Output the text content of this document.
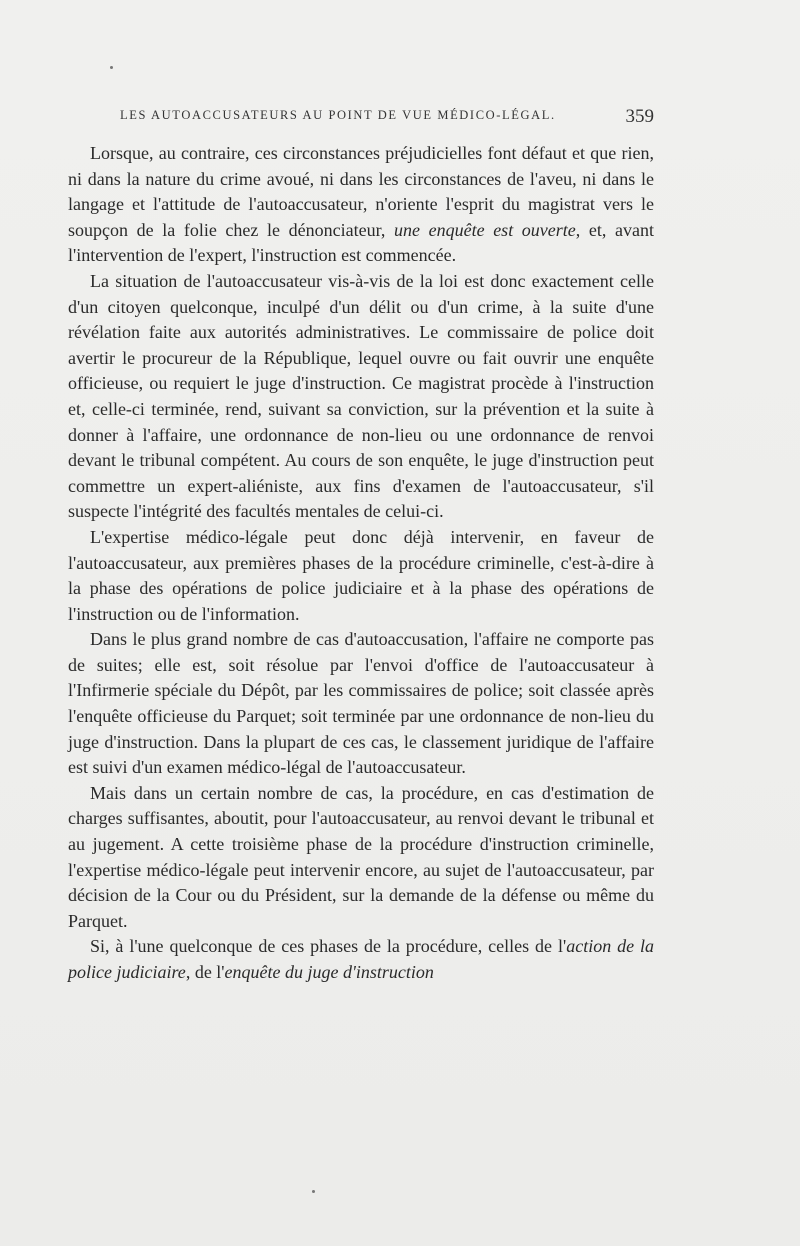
LES AUTOACCUSATEURS AU POINT DE VUE MÉDICO-LÉGAL.	359

Lorsque, au contraire, ces circonstances préjudicielles font défaut et que rien, ni dans la nature du crime avoué, ni dans les circonstances de l'aveu, ni dans le langage et l'attitude de l'autoaccusateur, n'oriente l'esprit du magistrat vers le soupçon de la folie chez le dénonciateur, une enquête est ouverte, et, avant l'intervention de l'expert, l'instruction est commencée.

La situation de l'autoaccusateur vis-à-vis de la loi est donc exactement celle d'un citoyen quelconque, inculpé d'un délit ou d'un crime, à la suite d'une révélation faite aux autorités administratives. Le commissaire de police doit avertir le procureur de la République, lequel ouvre ou fait ouvrir une enquête officieuse, ou requiert le juge d'instruction. Ce magistrat procède à l'instruction et, celle-ci terminée, rend, suivant sa conviction, sur la prévention et la suite à donner à l'affaire, une ordonnance de non-lieu ou une ordonnance de renvoi devant le tribunal compétent. Au cours de son enquête, le juge d'instruction peut commettre un expert-aliéniste, aux fins d'examen de l'autoaccusateur, s'il suspecte l'intégrité des facultés mentales de celui-ci.

L'expertise médico-légale peut donc déjà intervenir, en faveur de l'autoaccusateur, aux premières phases de la procédure criminelle, c'est-à-dire à la phase des opérations de police judiciaire et à la phase des opérations de l'instruction ou de l'information.

Dans le plus grand nombre de cas d'autoaccusation, l'affaire ne comporte pas de suites; elle est, soit résolue par l'envoi d'office de l'autoaccusateur à l'Infirmerie spéciale du Dépôt, par les commissaires de police; soit classée après l'enquête officieuse du Parquet; soit terminée par une ordonnance de non-lieu du juge d'instruction. Dans la plupart de ces cas, le classement juridique de l'affaire est suivi d'un examen médico-légal de l'autoaccusateur.

Mais dans un certain nombre de cas, la procédure, en cas d'estimation de charges suffisantes, aboutit, pour l'autoaccusateur, au renvoi devant le tribunal et au jugement. A cette troisième phase de la procédure d'instruction criminelle, l'expertise médico-légale peut intervenir encore, au sujet de l'autoaccusateur, par décision de la Cour ou du Président, sur la demande de la défense ou même du Parquet.

Si, à l'une quelconque de ces phases de la procédure, celles de l'action de la police judiciaire, de l'enquête du juge d'instruction
